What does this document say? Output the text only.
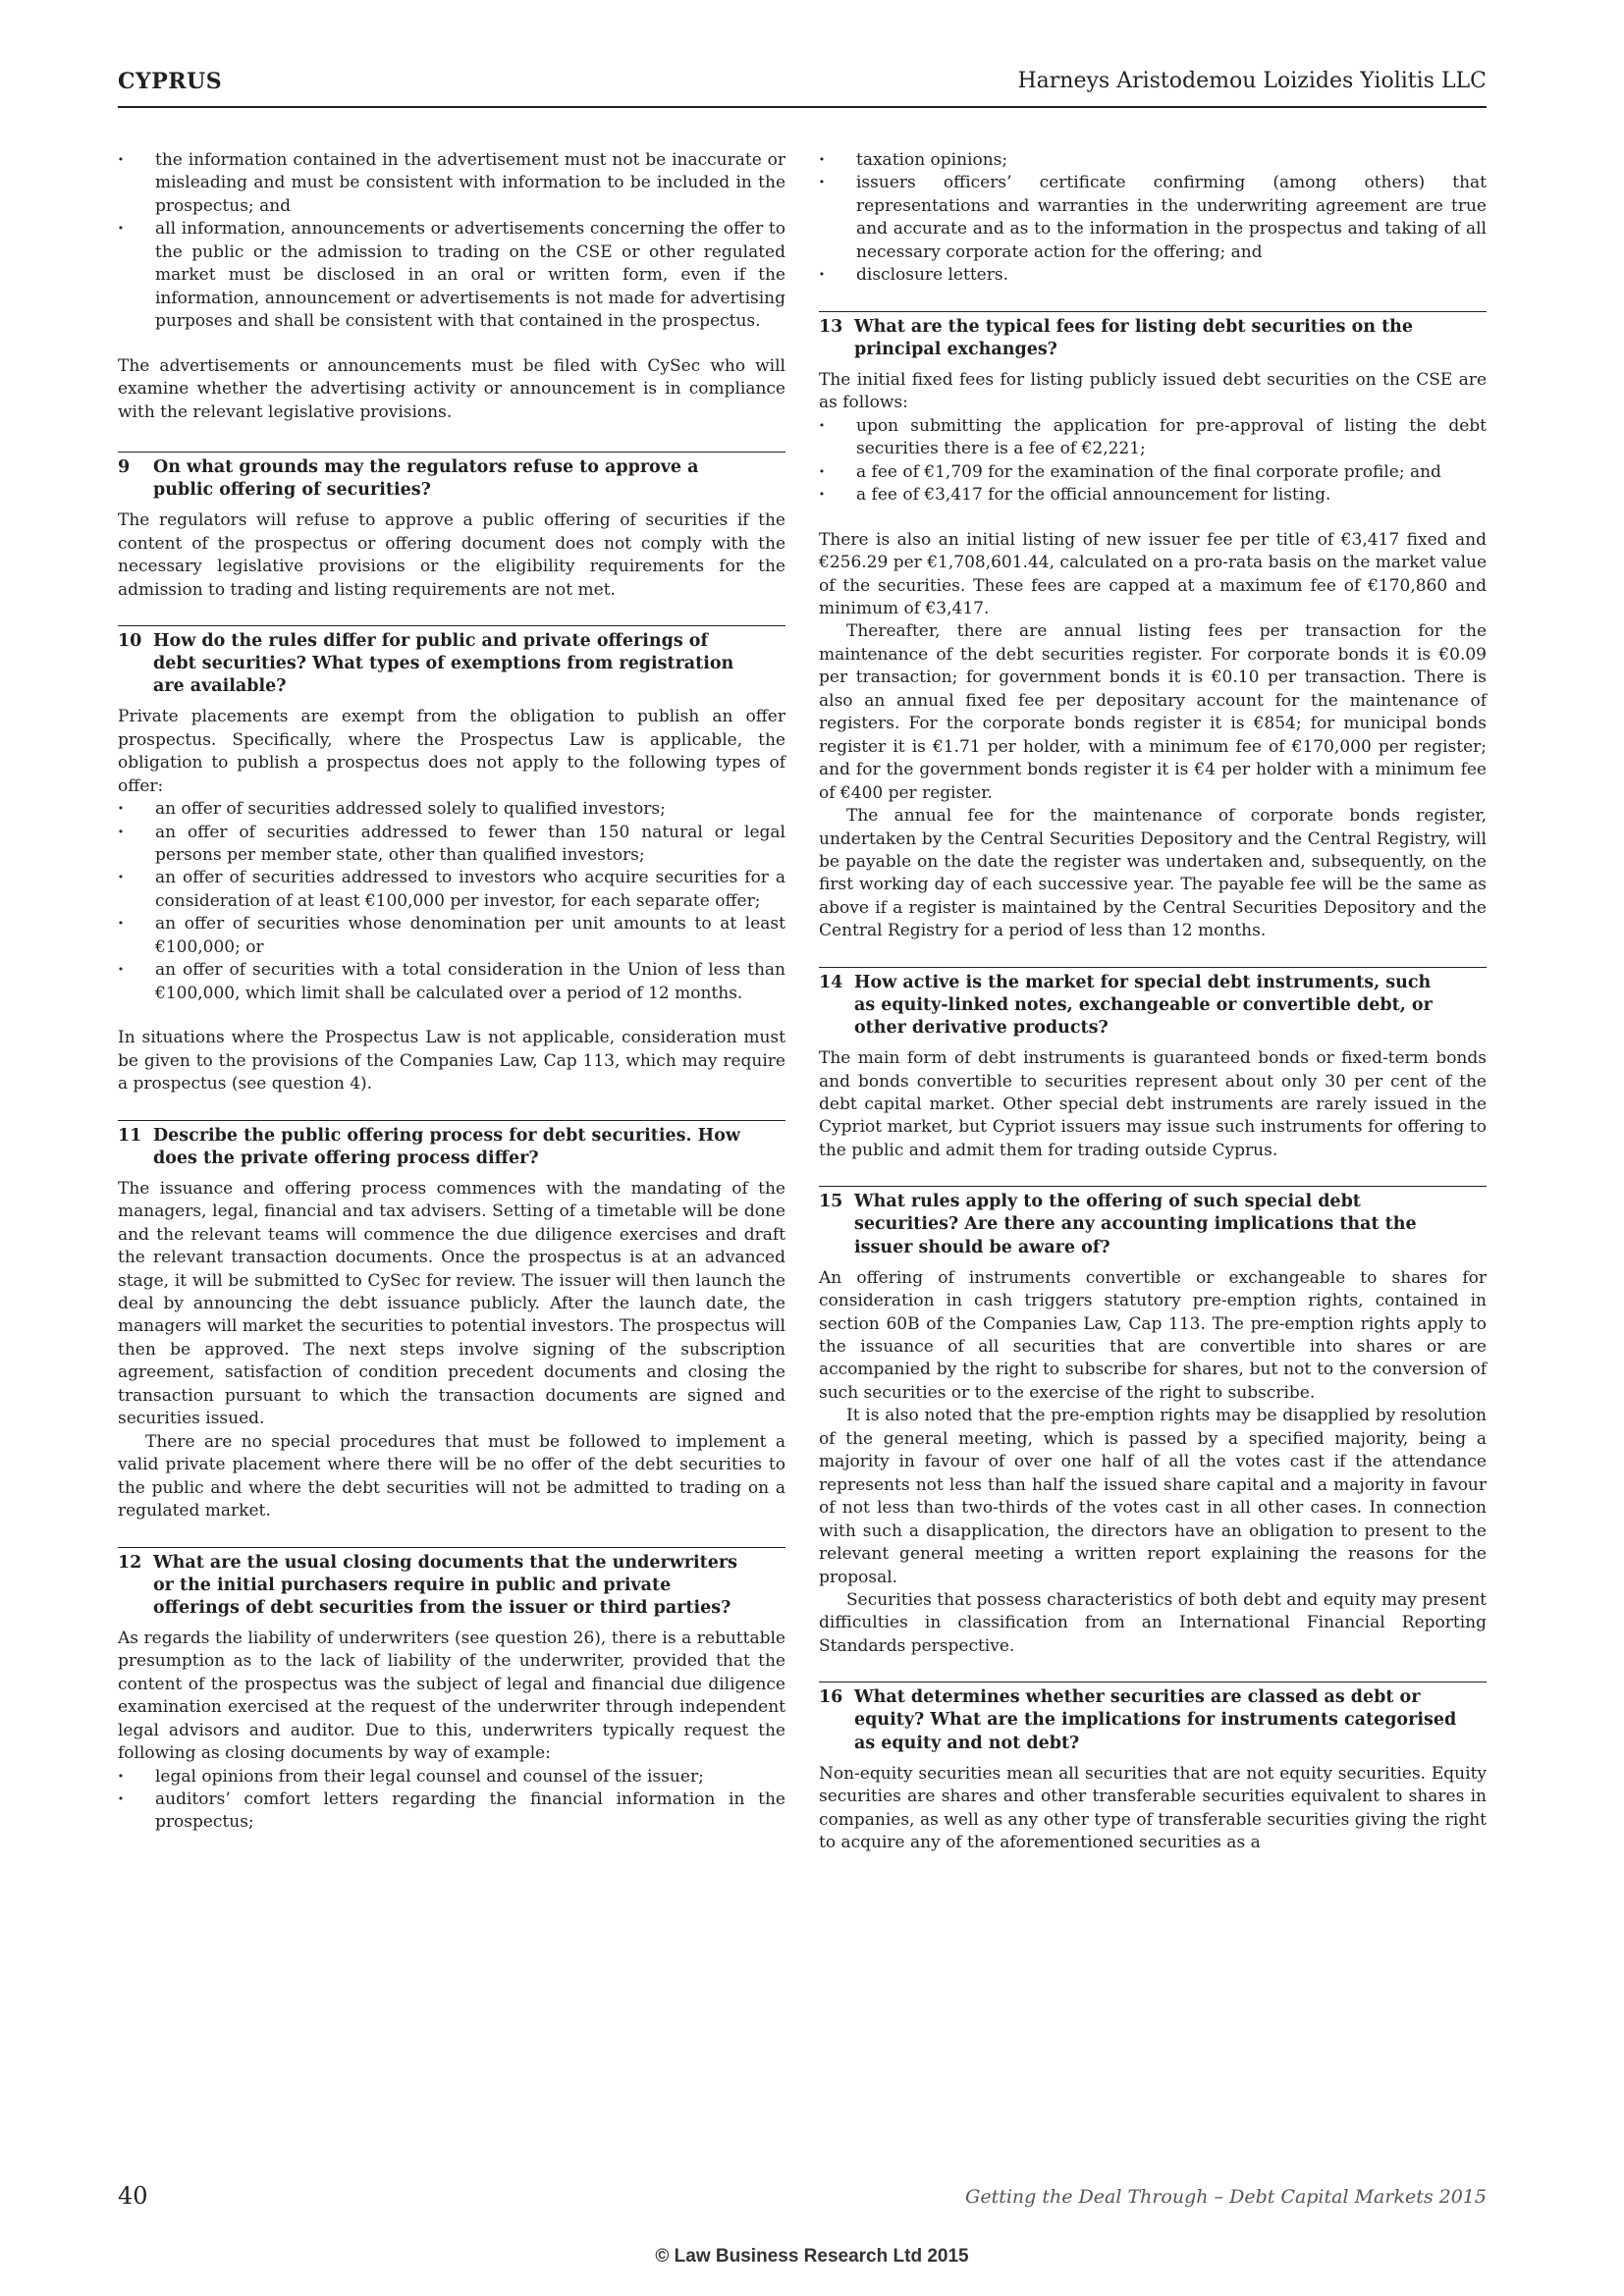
CYPRUS	Harneys Aristodemou Loizides Yiolitis LLC
· the information contained in the advertisement must not be inaccurate or misleading and must be consistent with information to be included in the prospectus; and
· all information, announcements or advertisements concerning the offer to the public or the admission to trading on the CSE or other regulated market must be disclosed in an oral or written form, even if the information, announcement or advertisements is not made for advertising purposes and shall be consistent with that contained in the prospectus.

The advertisements or announcements must be filed with CySec who will examine whether the advertising activity or announcement is in compliance with the relevant legislative provisions.

9	On what grounds may the regulators refuse to approve a public offering of securities?

The regulators will refuse to approve a public offering of securities if the content of the prospectus or offering document does not comply with the necessary legislative provisions or the eligibility requirements for the admission to trading and listing requirements are not met.

10 How do the rules differ for public and private offerings of debt securities? What types of exemptions from registration are available?

Private placements are exempt from the obligation to publish an offer prospectus. Specifically, where the Prospectus Law is applicable, the obligation to publish a prospectus does not apply to the following types of offer:

· an offer of securities addressed solely to qualified investors;
· an offer of securities addressed to fewer than 150 natural or legal persons per member state, other than qualified investors;
· an offer of securities addressed to investors who acquire securities for a consideration of at least €100,000 per investor, for each separate offer;
· an offer of securities whose denomination per unit amounts to at least €100,000; or
· an offer of securities with a total consideration in the Union of less than €100,000, which limit shall be calculated over a period of 12 months.

In situations where the Prospectus Law is not applicable, consideration must be given to the provisions of the Companies Law, Cap 113, which may require a prospectus (see question 4).

11 Describe the public offering process for debt securities. How does the private offering process differ?

The issuance and offering process commences with the mandating of the managers, legal, financial and tax advisers. Setting of a timetable will be done and the relevant teams will commence the due diligence exercises and draft the relevant transaction documents. Once the prospectus is at an advanced stage, it will be submitted to CySec for review. The issuer will then launch the deal by announcing the debt issuance publicly. After the launch date, the managers will market the securities to potential investors. The prospectus will then be approved. The next steps involve signing of the subscription agreement, satisfaction of condition precedent documents and closing the transaction pursuant to which the transaction documents are signed and securities issued.

There are no special procedures that must be followed to implement a valid private placement where there will be no offer of the debt securities to the public and where the debt securities will not be admitted to trading on a regulated market.

12 What are the usual closing documents that the underwriters or the initial purchasers require in public and private offerings of debt securities from the issuer or third parties?

As regards the liability of underwriters (see question 26), there is a rebuttable presumption as to the lack of liability of the underwriter, provided that the content of the prospectus was the subject of legal and financial due diligence examination exercised at the request of the underwriter through independent legal advisors and auditor. Due to this, underwriters typically request the following as closing documents by way of example:

· legal opinions from their legal counsel and counsel of the issuer;
· auditors’ comfort letters regarding the financial information in the prospectus;
· taxation opinions;
· issuers officers’ certificate confirming (among others) that representations and warranties in the underwriting agreement are true and accurate and as to the information in the prospectus and taking of all necessary corporate action for the offering; and
· disclosure letters.
13 What are the typical fees for listing debt securities on the principal exchanges?

The initial fixed fees for listing publicly issued debt securities on the CSE are as follows:

· upon submitting the application for pre-approval of listing the debt securities there is a fee of €2,221;
· a fee of €1,709 for the examination of the final corporate profile; and
· a fee of €3,417 for the official announcement for listing.

There is also an initial listing of new issuer fee per title of €3,417 fixed and €256.29 per €1,708,601.44, calculated on a pro-rata basis on the market value of the securities. These fees are capped at a maximum fee of €170,860 and minimum of €3,417.

Thereafter, there are annual listing fees per transaction for the maintenance of the debt securities register. For corporate bonds it is €0.09 per transaction; for government bonds it is €0.10 per transaction. There is also an annual fixed fee per depositary account for the maintenance of registers. For the corporate bonds register it is €854; for municipal bonds register it is €1.71 per holder, with a minimum fee of €170,000 per register; and for the government bonds register it is €4 per holder with a minimum fee of €400 per register.

The annual fee for the maintenance of corporate bonds register, undertaken by the Central Securities Depository and the Central Registry, will be payable on the date the register was undertaken and, subsequently, on the first working day of each successive year. The payable fee will be the same as above if a register is maintained by the Central Securities Depository and the Central Registry for a period of less than 12 months.

14 How active is the market for special debt instruments, such as equity-linked notes, exchangeable or convertible debt, or other derivative products?

The main form of debt instruments is guaranteed bonds or fixed-term bonds and bonds convertible to securities represent about only 30 per cent of the debt capital market. Other special debt instruments are rarely issued in the Cypriot market, but Cypriot issuers may issue such instruments for offering to the public and admit them for trading outside Cyprus.

15 What rules apply to the offering of such special debt securities? Are there any accounting implications that the issuer should be aware of?

An offering of instruments convertible or exchangeable to shares for consideration in cash triggers statutory pre-emption rights, contained in section 60B of the Companies Law, Cap 113. The pre-emption rights apply to the issuance of all securities that are convertible into shares or are accompanied by the right to subscribe for shares, but not to the conversion of such securities or to the exercise of the right to subscribe.

It is also noted that the pre-emption rights may be disapplied by resolution of the general meeting, which is passed by a specified majority, being a majority in favour of over one half of all the votes cast if the attendance represents not less than half the issued share capital and a majority in favour of not less than two-thirds of the votes cast in all other cases. In connection with such a disapplication, the directors have an obligation to present to the relevant general meeting a written report explaining the reasons for the proposal.

Securities that possess characteristics of both debt and equity may present difficulties in classification from an International Financial Reporting Standards perspective.

16 What determines whether securities are classed as debt or equity? What are the implications for instruments categorised as equity and not debt?

Non-equity securities mean all securities that are not equity securities. Equity securities are shares and other transferable securities equivalent to shares in companies, as well as any other type of transferable securities giving the right to acquire any of the aforementioned securities as a

40	Getting the Deal Through – Debt Capital Markets 2015
© Law Business Research Ltd 2015
